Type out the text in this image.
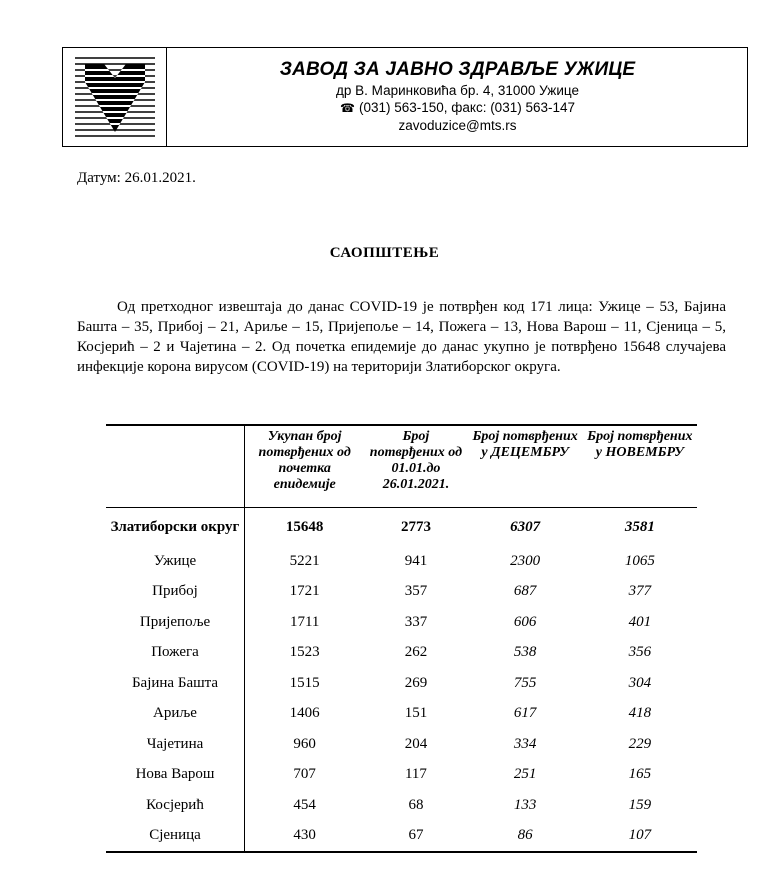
ЗАВОД ЗА ЈАВНО ЗДРАВЉЕ УЖИЦЕ
др В. Маринковића бр. 4, 31000 Ужице
☎ (031) 563-150, факс: (031) 563-147
zavoduzice@mts.rs
Датум: 26.01.2021.
САОПШТЕЊЕ
Од претходног извештаја до данас COVID-19 је потврђен код 171 лица: Ужице – 53, Бајина Башта – 35, Прибој – 21, Ариље – 15, Пријепоље – 14, Пожега – 13, Нова Варош – 11, Сјеница – 5, Косјерић – 2 и Чајетина – 2. Од почетка епидемије до данас укупно је потврђено 15648 случајева инфекције корона вирусом (COVID-19) на територији Златиборског округа.
	Укупан број потврђених од почетка епидемије	Број потврђених од 01.01.до 26.01.2021.	Број потврђених у ДЕЦЕМБРУ	Број потврђених у НОВЕМБРУ
Златиборски округ	15648	2773	6307	3581
Ужице	5221	941	2300	1065
Прибој	1721	357	687	377
Пријепоље	1711	337	606	401
Пожега	1523	262	538	356
Бајина Башта	1515	269	755	304
Ариље	1406	151	617	418
Чајетина	960	204	334	229
Нова Варош	707	117	251	165
Косјерић	454	68	133	159
Сјеница	430	67	86	107
